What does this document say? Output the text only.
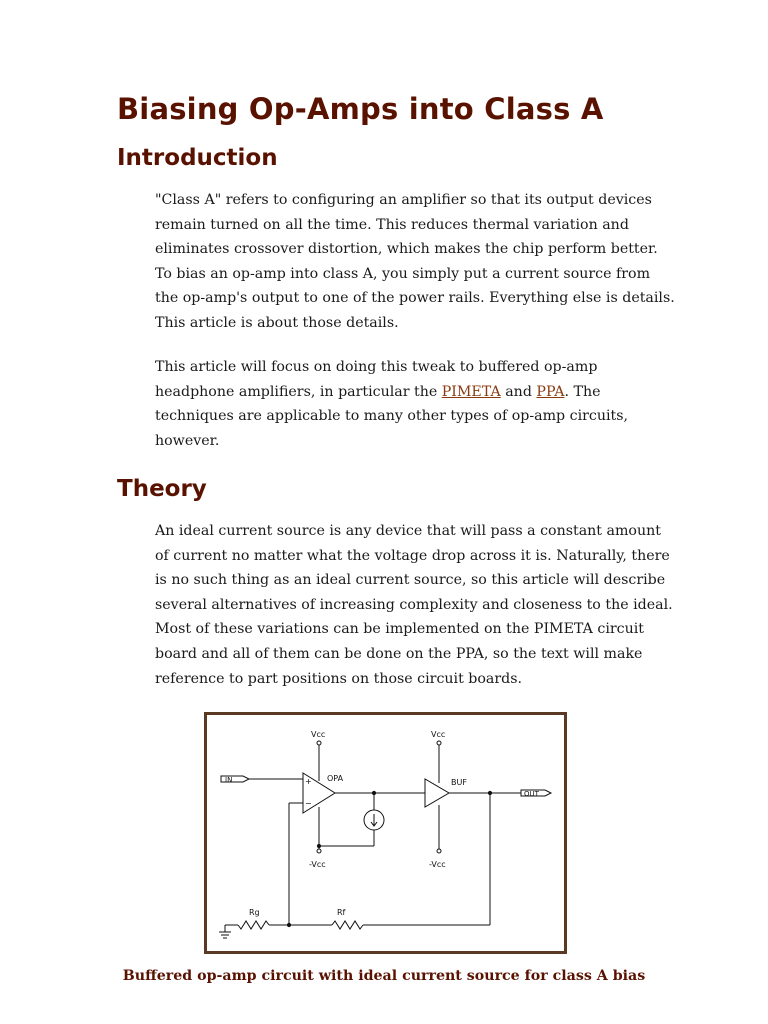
Biasing Op-Amps into Class A
Introduction

"Class A" refers to configuring an amplifier so that its output devices remain turned on all the time. This reduces thermal variation and eliminates crossover distortion, which makes the chip perform better. To bias an op-amp into class A, you simply put a current source from the op-amp's output to one of the power rails. Everything else is details. This article is about those details.

This article will focus on doing this tweak to buffered op-amp headphone amplifiers, in particular the PIMETA and PPA. The techniques are applicable to many other types of op-amp circuits, however.

Theory

An ideal current source is any device that will pass a constant amount of current no matter what the voltage drop across it is. Naturally, there is no such thing as an ideal current source, so this article will describe several alternatives of increasing complexity and closeness to the ideal. Most of these variations can be implemented on the PIMETA circuit board and all of them can be done on the PPA, so the text will make reference to part positions on those circuit boards.

Vcc
-Vcc
Vcc
-Vcc
IN	OPA
+
−
BUF
OUT
Rf
Rg

Buffered op-amp circuit with ideal current source for class A bias
